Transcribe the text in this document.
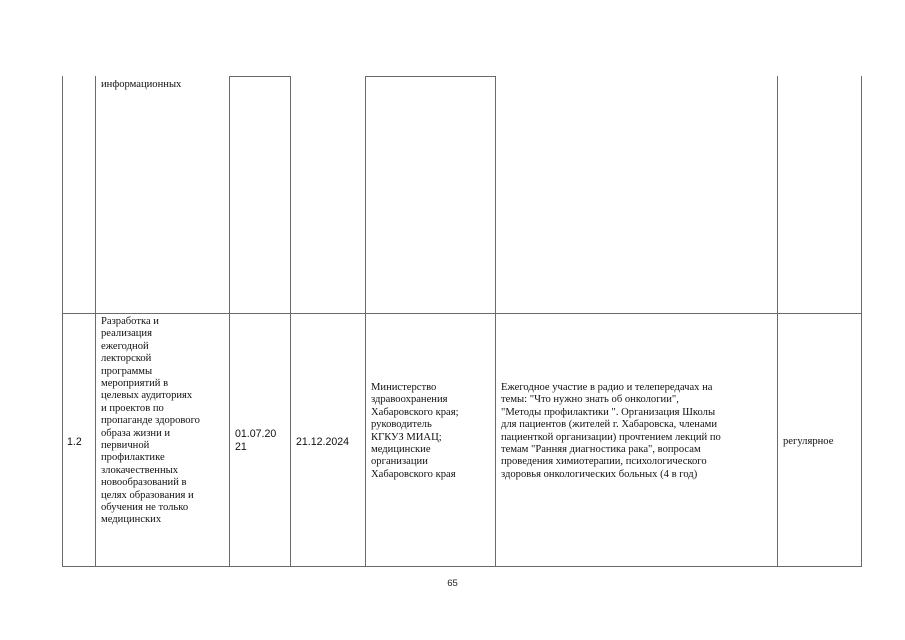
информационных
1.2
Разработка и
реализация
ежегодной
лекторской
программы
мероприятий в
целевых аудиториях
и проектов по
пропаганде здорового
образа жизни и
первичной
профилактике
злокачественных
новообразований в
целях образования и
обучения не только
медицинских
01.07.20
21	21.12.2024
Министерство
здравоохранения
Хабаровского края;
руководитель
КГКУЗ МИАЦ;
медицинские
организации
Хабаровского края
Ежегодное участие в радио и телепередачах на
темы: "Что нужно знать об онкологии",
"Методы профилактики ". Организация Школы
для пациентов (жителей г. Хабаровска, членами
пациенткой организации) прочтением лекций по
темам "Ранняя диагностика рака", вопросам
проведения химиотерапии, психологического
здоровья онкологических больных (4 в год)
регулярное
65
